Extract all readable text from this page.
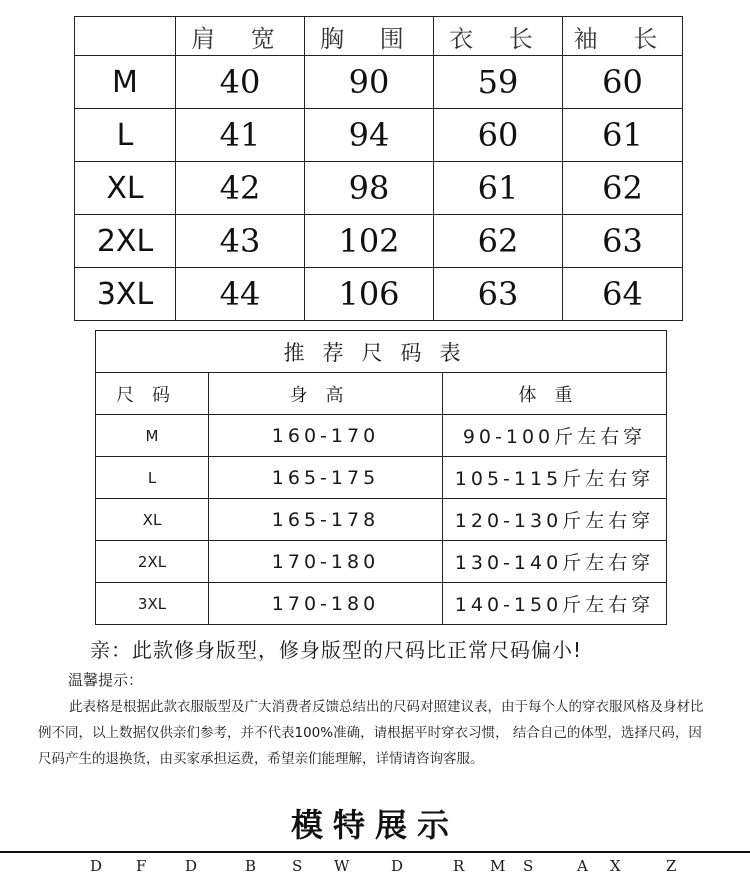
	肩 宽	胸 围	衣 长	袖 长
M	40	90	59	60
L	41	94	60	61
XL	42	98	61	62
2XL	43	102	62	63
3XL	44	106	63	64
推荐尺码表		
尺码	身高	体重
M	160-170	90-100斤左右穿
L	165-175	105-115斤左右穿
XL	165-178	120-130斤左右穿
2XL	170-180	130-140斤左右穿
3XL	170-180	140-150斤左右穿
亲：此款修身版型，修身版型的尺码比正常尺码偏小!
温馨提示：
此表格是根据此款衣服版型及广大消费者反馈总结出的尺码对照建议表，由于每个人的穿衣服风格及身材比例不同，以上数据仅供亲们参考，并不代表100%准确，请根据平时穿衣习惯， 结合自己的体型，选择尺码，因尺码产生的退换货，由买家承担运费，希望亲们能理解，详情请咨询客服。
模特展示
D F	D	B S W	D	R M S	A X	Z
